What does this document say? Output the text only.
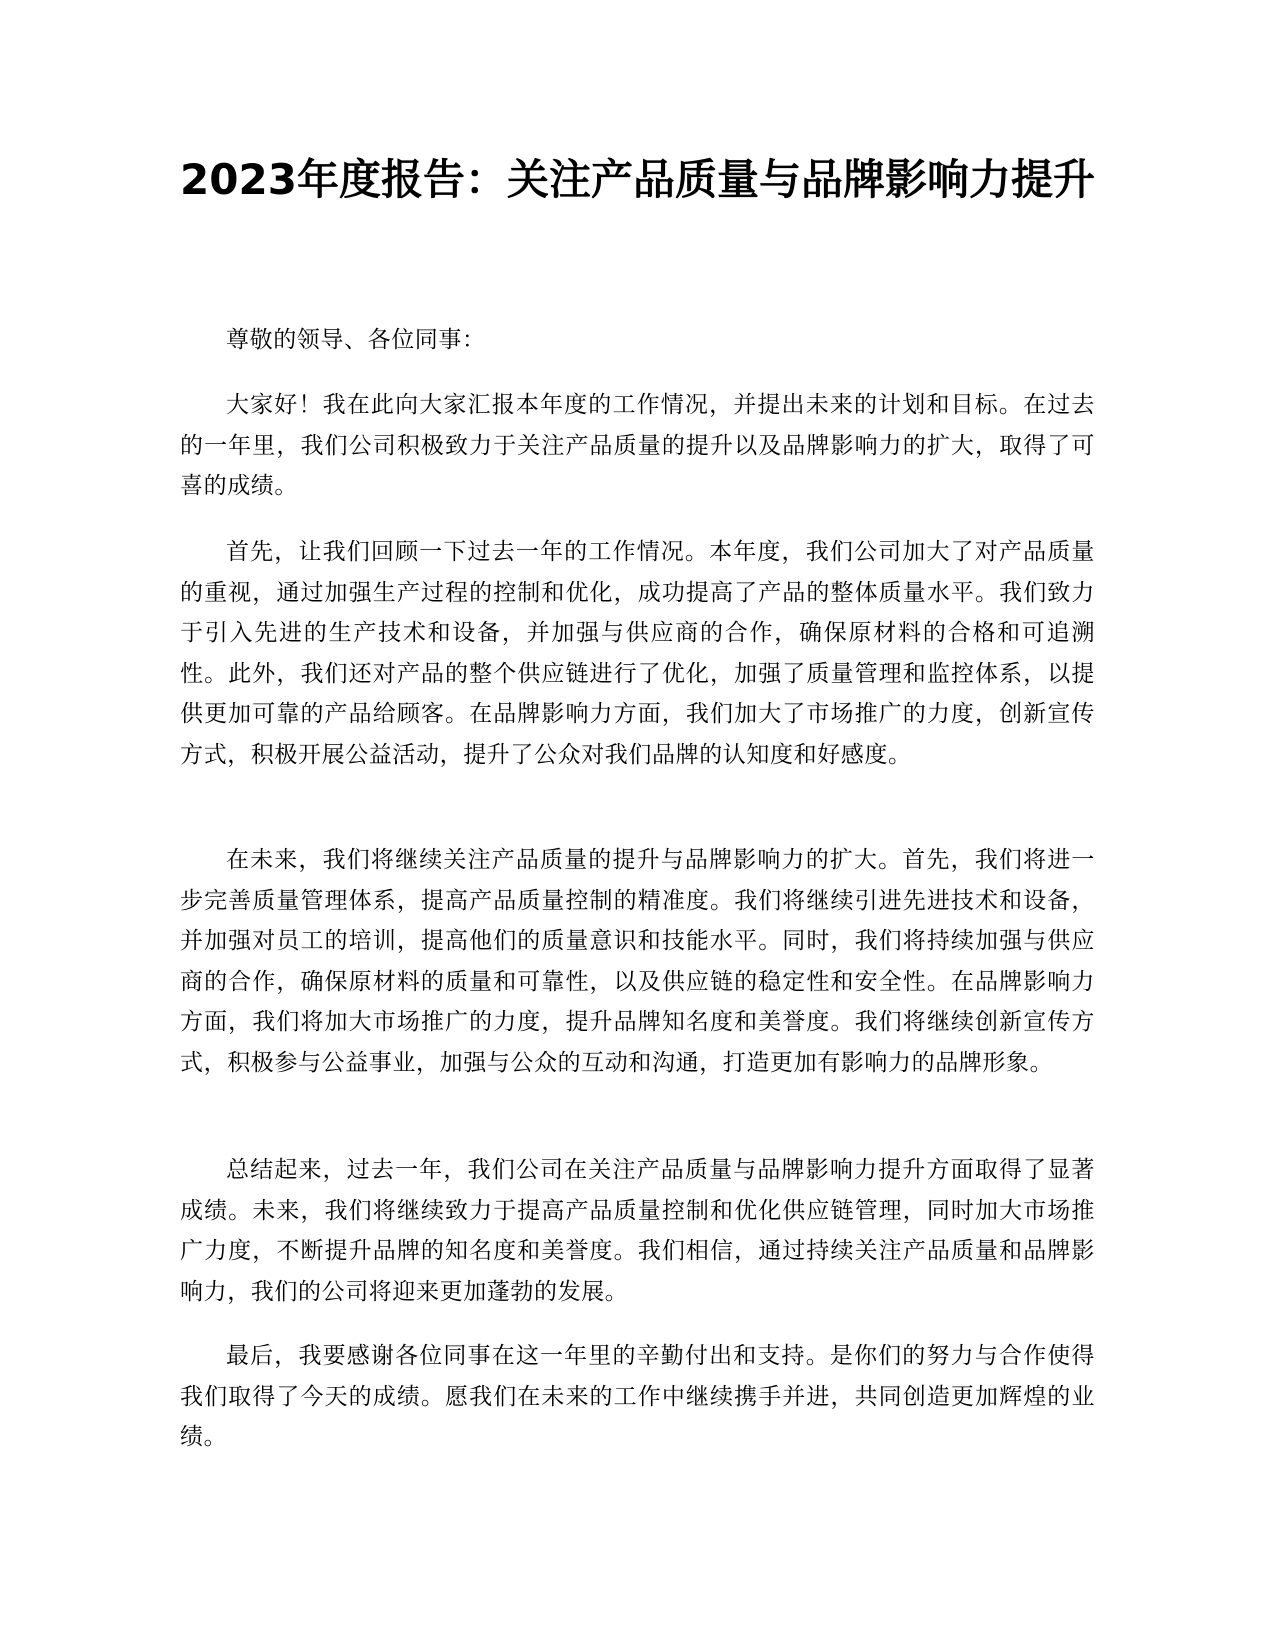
2023年度报告：关注产品质量与品牌影响力提升

尊敬的领导、各位同事：

大家好！我在此向大家汇报本年度的工作情况，并提出未来的计划和目标。在过去的一年里，我们公司积极致力于关注产品质量的提升以及品牌影响力的扩大，取得了可喜的成绩。

首先，让我们回顾一下过去一年的工作情况。本年度，我们公司加大了对产品质量的重视，通过加强生产过程的控制和优化，成功提高了产品的整体质量水平。我们致力于引入先进的生产技术和设备，并加强与供应商的合作，确保原材料的合格和可追溯性。此外，我们还对产品的整个供应链进行了优化，加强了质量管理和监控体系，以提供更加可靠的产品给顾客。在品牌影响力方面，我们加大了市场推广的力度，创新宣传方式，积极开展公益活动，提升了公众对我们品牌的认知度和好感度。

在未来，我们将继续关注产品质量的提升与品牌影响力的扩大。首先，我们将进一步完善质量管理体系，提高产品质量控制的精准度。我们将继续引进先进技术和设备，并加强对员工的培训，提高他们的质量意识和技能水平。同时，我们将持续加强与供应商的合作，确保原材料的质量和可靠性，以及供应链的稳定性和安全性。在品牌影响力方面，我们将加大市场推广的力度，提升品牌知名度和美誉度。我们将继续创新宣传方式，积极参与公益事业，加强与公众的互动和沟通，打造更加有影响力的品牌形象。

总结起来，过去一年，我们公司在关注产品质量与品牌影响力提升方面取得了显著成绩。未来，我们将继续致力于提高产品质量控制和优化供应链管理，同时加大市场推广力度，不断提升品牌的知名度和美誉度。我们相信，通过持续关注产品质量和品牌影响力，我们的公司将迎来更加蓬勃的发展。

最后，我要感谢各位同事在这一年里的辛勤付出和支持。是你们的努力与合作使得我们取得了今天的成绩。愿我们在未来的工作中继续携手并进，共同创造更加辉煌的业绩。
